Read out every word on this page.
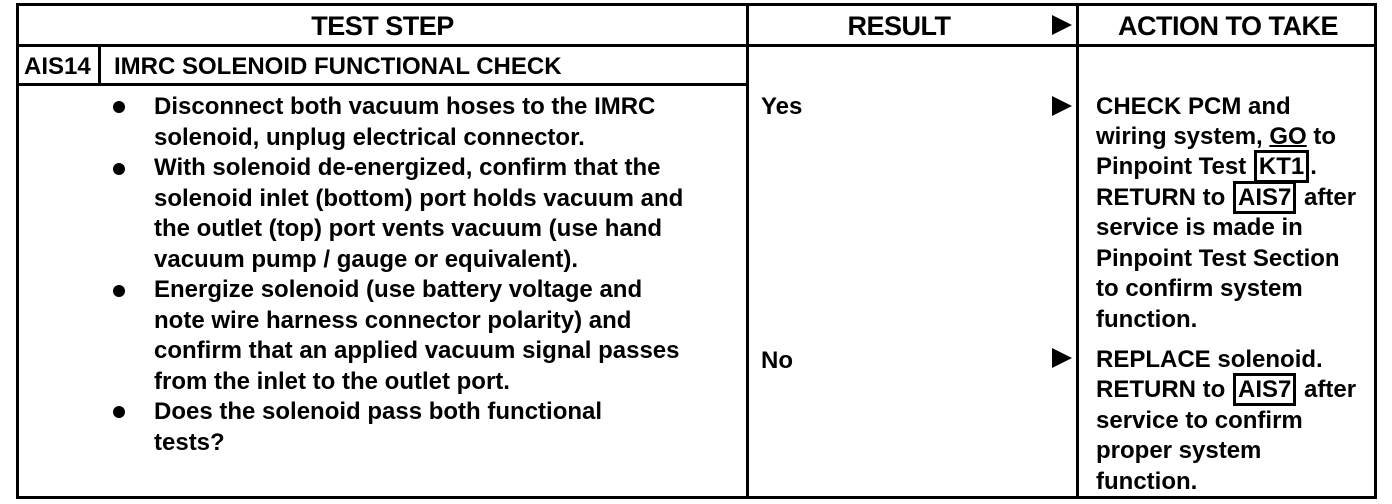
TEST STEP	RESULT	ACTION TO TAKE
AIS14 IMRC SOLENOID FUNCTIONAL CHECK
Disconnect both vacuum hoses to the IMRC
solenoid, unplug electrical connector.
With solenoid de-energized, confirm that the
solenoid inlet (bottom) port holds vacuum and
the outlet (top) port vents vacuum (use hand
vacuum pump / gauge or equivalent).
Energize solenoid (use battery voltage and
note wire harness connector polarity) and
confirm that an applied vacuum signal passes
from the inlet to the outlet port.
Does the solenoid pass both functional
tests?
Yes
No
CHECK PCM and
wiring system, GO to
Pinpoint Test KT1 .
RETURN to AIS7 after
service is made in
Pinpoint Test Section
to confirm system
function.
REPLACE solenoid.
RETURN to AIS7 after
service to confirm
proper system
function.
